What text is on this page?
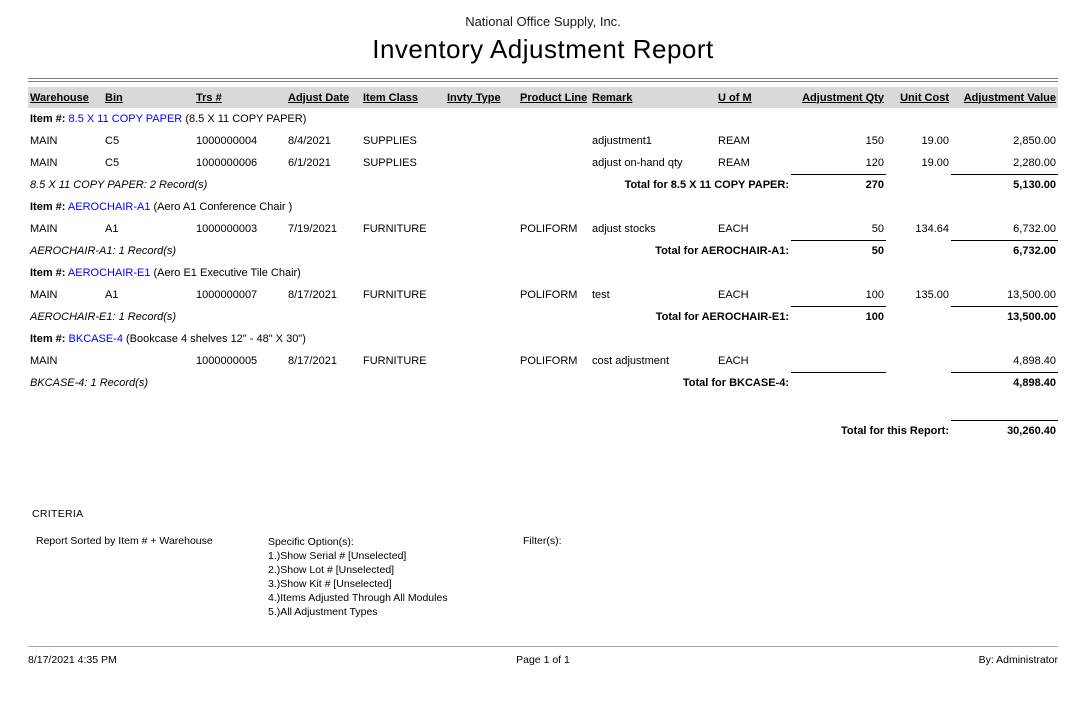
National Office Supply, Inc.
Inventory Adjustment Report
Warehouse	Bin	Trs #	Adjust Date	Item Class	Invty Type	Product Line	Remark	U of M	Adjustment Qty	Unit Cost	Adjustment Value
Item #: 8.5 X 11 COPY PAPER (8.5 X 11 COPY PAPER)											
MAIN	C5	1000000004	8/4/2021	SUPPLIES			adjustment1	REAM	150	19.00	2,850.00
MAIN	C5	1000000006	6/1/2021	SUPPLIES			adjust on-hand qty	REAM	120	19.00	2,280.00
8.5 X 11 COPY PAPER: 2 Record(s)							Total for 8.5 X 11 COPY PAPER:		270		5,130.00
Item #: AEROCHAIR-A1 (Aero A1 Conference Chair )											
MAIN	A1	1000000003	7/19/2021	FURNITURE		POLIFORM	adjust stocks	EACH	50	134.64	6,732.00
AEROCHAIR-A1: 1 Record(s)							Total for AEROCHAIR-A1:		50		6,732.00
Item #: AEROCHAIR-E1 (Aero E1 Executive Tile Chair)											
MAIN	A1	1000000007	8/17/2021	FURNITURE		POLIFORM	test	EACH	100	135.00	13,500.00
AEROCHAIR-E1: 1 Record(s)							Total for AEROCHAIR-E1:		100		13,500.00
Item #: BKCASE-4 (Bookcase 4 shelves 12" - 48" X 30")											
MAIN		1000000005	8/17/2021	FURNITURE		POLIFORM	cost adjustment	EACH			4,898.40
BKCASE-4: 1 Record(s)							Total for BKCASE-4:				4,898.40

Total for this Report:											30,260.40
CRITERIA
Report Sorted by Item # + Warehouse	Specific Option(s):
1.)Show Serial # [Unselected]
2.)Show Lot # [Unselected]
3.)Show Kit # [Unselected]
4.)Items Adjusted Through All Modules
5.)All Adjustment Types
Filter(s):
8/17/2021 4:35 PM	Page 1 of 1	By: Administrator
